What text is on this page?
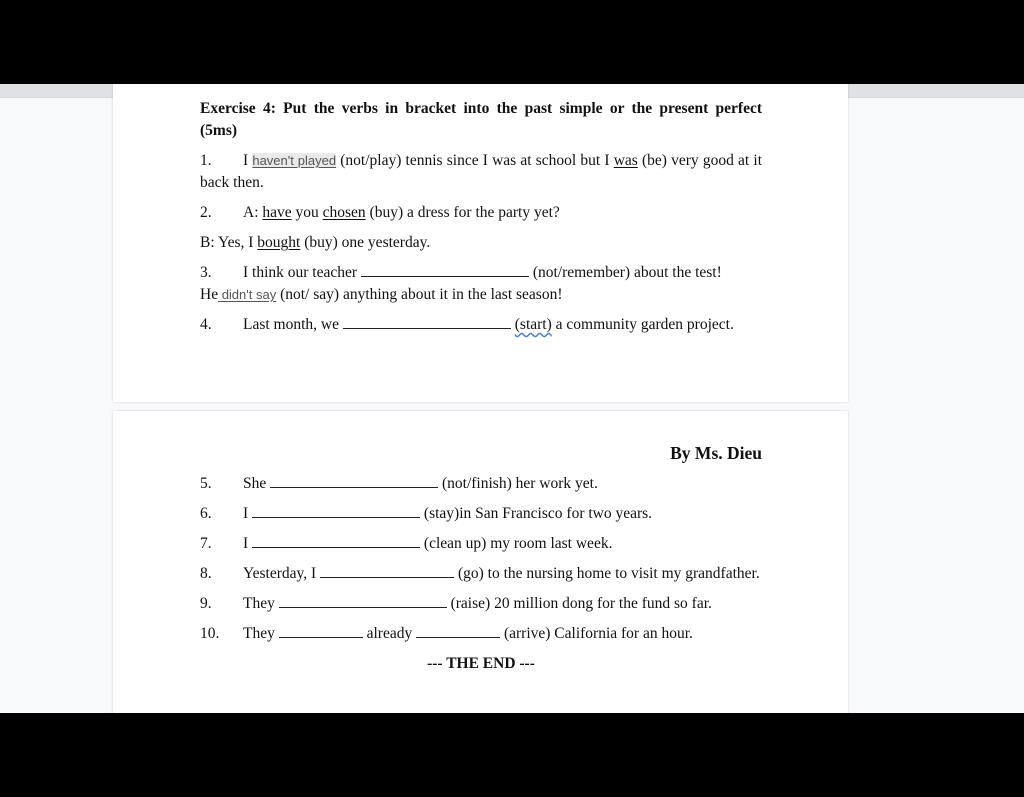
Exercise 4: Put the verbs in bracket into the past simple or the present perfect

(5ms)

1. I haven't played (not/play) tennis since I was at school but I was (be) very good at it back then.

2. A: have you chosen (buy) a dress for the party yet?

B: Yes, I bought (buy) one yesterday.

3. I think our teacher	(not/remember) about the test!
He didn't say (not/ say) anything about it in the last season!

4. Last month, we	(start) a community garden project.

By Ms. Dieu

5. She	(not/finish) her work yet.

6. I	(stay)in San Francisco for two years.

7. I	(clean up) my room last week.

8. Yesterday, I	(go) to the nursing home to visit my grandfather.

9. They	(raise) 20 million dong for the fund so far.

10. They	already	(arrive) California for an hour.

--- THE END ---
